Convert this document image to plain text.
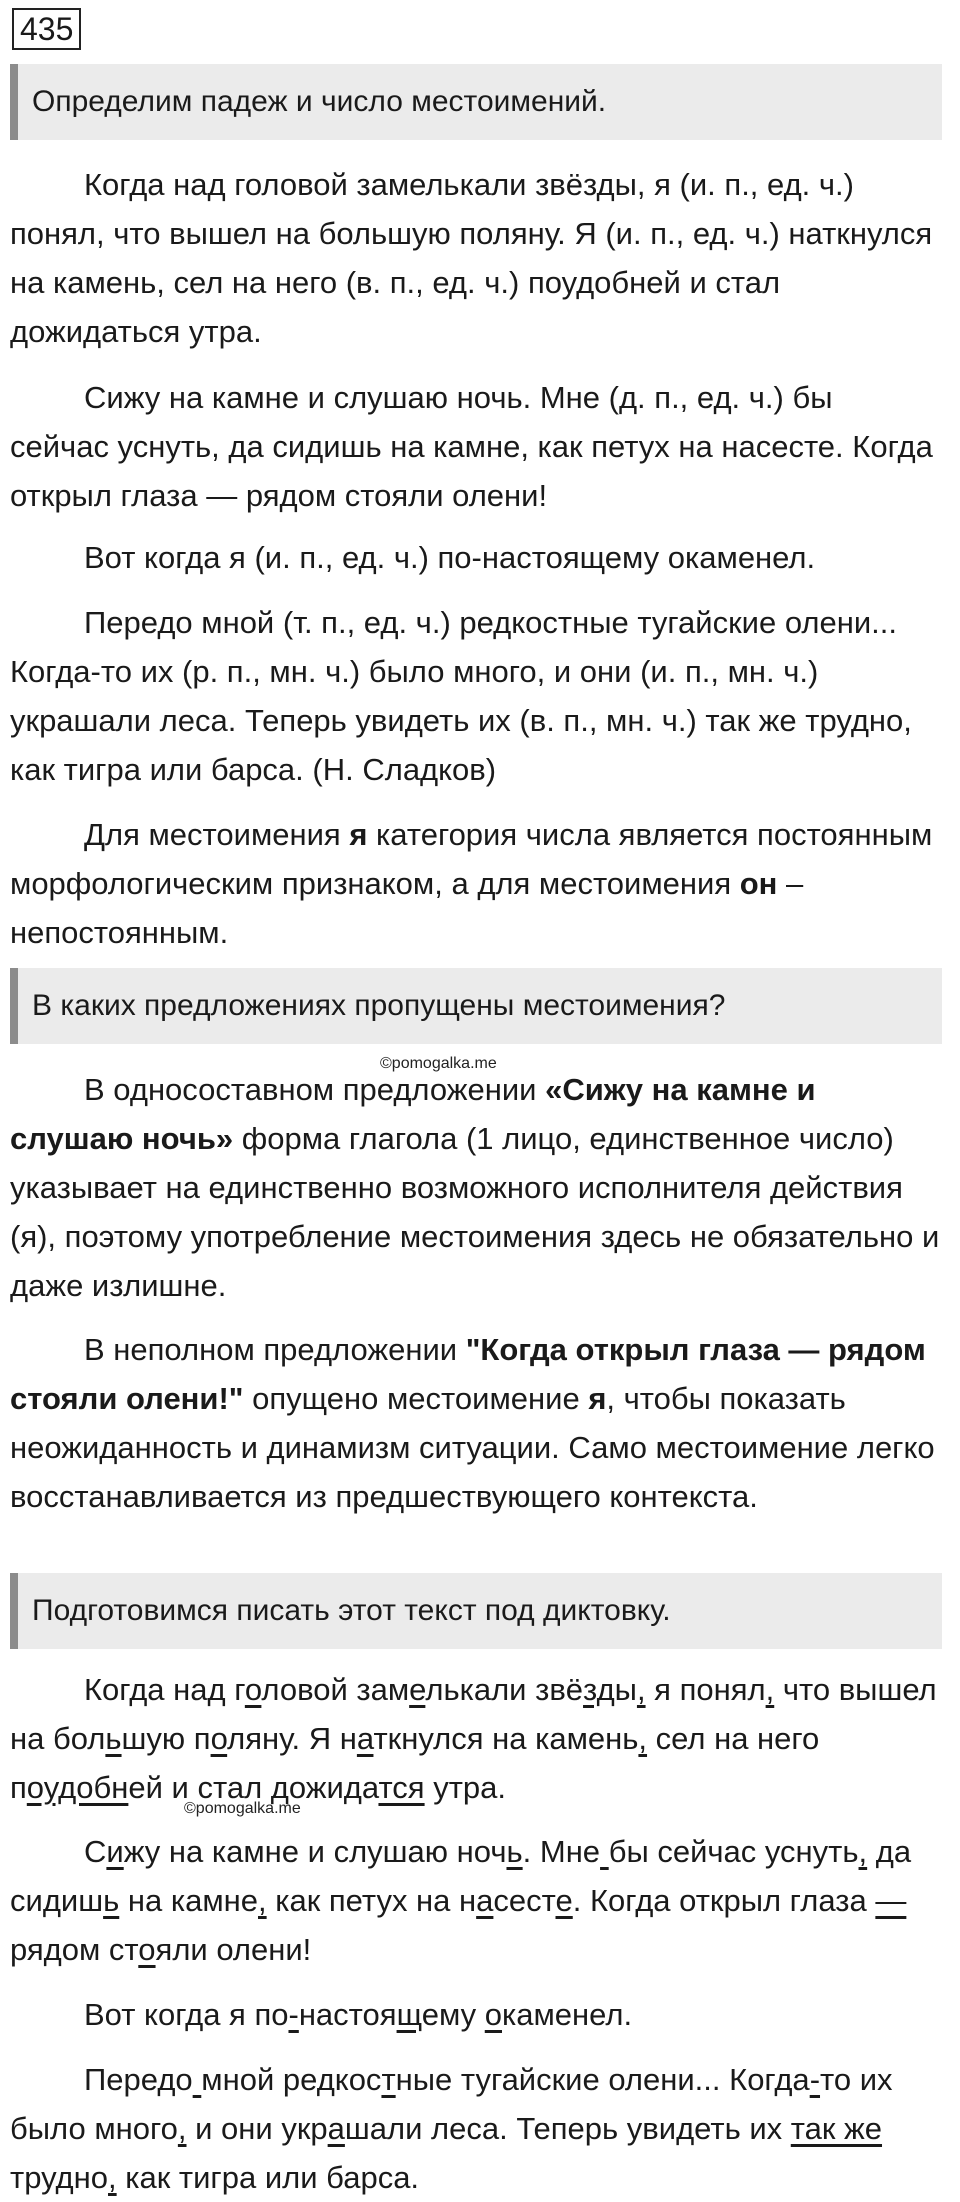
435
Определим падеж и число местоимений.
Когда над головой замелькали звёзды, я (и. п., ед. ч.) понял, что вышел на большую поляну. Я (и. п., ед. ч.) наткнулся на камень, сел на него (в. п., ед. ч.) поудобней и стал дожидаться утра.
Сижу на камне и слушаю ночь. Мне (д. п., ед. ч.) бы сейчас уснуть, да сидишь на камне, как петух на насесте. Когда открыл глаза — рядом стояли олени!
Вот когда я (и. п., ед. ч.) по-настоящему окаменел.
Передо мной (т. п., ед. ч.) редкостные тугайские олени... Когда-то их (р. п., мн. ч.) было много, и они (и. п., мн. ч.) украшали леса. Теперь увидеть их (в. п., мн. ч.) так же трудно, как тигра или барса. (Н. Сладков)
Для местоимения я категория числа является постоянным морфологическим признаком, а для местоимения он – непостоянным.
В каких предложениях пропущены местоимения?
©pomogalka.me
В односоставном предложении «Сижу на камне и слушаю ночь» форма глагола (1 лицо, единственное число) указывает на единственно возможного исполнителя действия (я), поэтому употребление местоимения здесь не обязательно и даже излишне.
В неполном предложении "Когда открыл глаза — рядом стояли олени!" опущено местоимение я, чтобы показать неожиданность и динамизм ситуации. Само местоимение легко восстанавливается из предшествующего контекста.
Подготовимся писать этот текст под диктовку.
Когда над головой замелькали звёзды, я понял, что вышел на большую поляну. Я наткнулся на камень, сел на него поудобней и стал дожидатся утра.
©pomogalka.me
Сижу на камне и слушаю ночь. Мне бы сейчас уснуть, да сидишь на камне, как петух на насесте. Когда открыл глаза — рядом стояли олени!
Вот когда я по-настоящему окаменел.
Передо мной редкостные тугайские олени... Когда-то их было много, и они украшали леса. Теперь увидеть их так же трудно, как тигра или барса.
